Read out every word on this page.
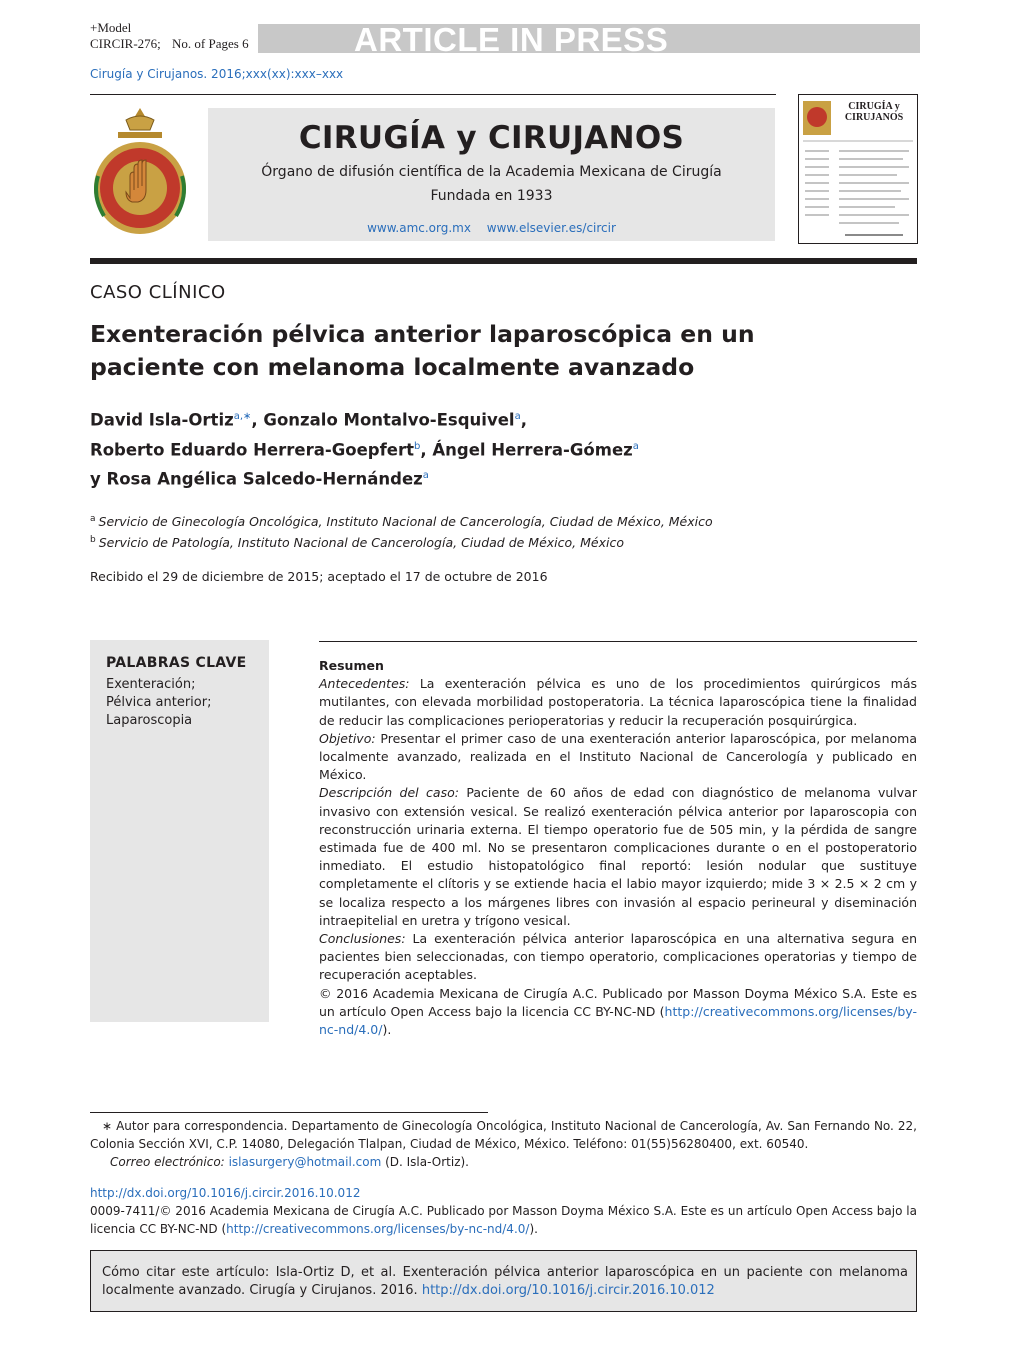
+Model
CIRCIR-276; No. of Pages 6	ARTICLE IN PRESS
Cirugía y Cirujanos. 2016;xxx(xx):xxx–xxx
CIRUGÍA y CIRUJANOS
Órgano de difusión científica de la Academia Mexicana de Cirugía
Fundada en 1933
www.amc.org.mx www.elsevier.es/circir
CIRUGÍA y CIRUJANOS
CASO CLÍNICO
Exenteración pélvica anterior laparoscópica en un paciente con melanoma localmente avanzado
David Isla-Ortiz$^{a,∗}$, Gonzalo Montalvo-Esquivel$^a$,
Roberto Eduardo Herrera-Goepfert$^b$, Ángel Herrera-Gómez$^a$
y Rosa Angélica Salcedo-Hernández$^a$
$^a$ Servicio de Ginecología Oncológica, Instituto Nacional de Cancerología, Ciudad de México, México
$^b$ Servicio de Patología, Instituto Nacional de Cancerología, Ciudad de México, México
Recibido el 29 de diciembre de 2015; aceptado el 17 de octubre de 2016
PALABRAS CLAVE
Exenteración;
Pélvica anterior;
Laparoscopia
Resumen

Antecedentes: La exenteración pélvica es uno de los procedimientos quirúrgicos más mutilantes, con elevada morbilidad postoperatoria. La técnica laparoscópica tiene la finalidad de reducir las complicaciones perioperatorias y reducir la recuperación posquirúrgica.

Objetivo: Presentar el primer caso de una exenteración anterior laparoscópica, por melanoma localmente avanzado, realizada en el Instituto Nacional de Cancerología y publicado en México.

Descripción del caso: Paciente de 60 años de edad con diagnóstico de melanoma vulvar invasivo con extensión vesical. Se realizó exenteración pélvica anterior por laparoscopia con reconstrucción urinaria externa. El tiempo operatorio fue de 505 min, y la pérdida de sangre estimada fue de 400 ml. No se presentaron complicaciones durante o en el postoperatorio inmediato. El estudio histopatológico final reportó: lesión nodular que sustituye completamente el clítoris y se extiende hacia el labio mayor izquierdo; mide 3 × 2.5 × 2 cm y se localiza respecto a los márgenes libres con invasión al espacio perineural y diseminación intraepitelial en uretra y trígono vesical.

Conclusiones: La exenteración pélvica anterior laparoscópica en una alternativa segura en pacientes bien seleccionadas, con tiempo operatorio, complicaciones operatorias y tiempo de recuperación aceptables.

© 2016 Academia Mexicana de Cirugía A.C. Publicado por Masson Doyma México S.A. Este es un artículo Open Access bajo la licencia CC BY-NC-ND (http://creativecommons.org/licenses/by-nc-nd/4.0/).

∗ Autor para correspondencia. Departamento de Ginecología Oncológica, Instituto Nacional de Cancerología, Av. San Fernando No. 22, Colonia Sección XVI, C.P. 14080, Delegación Tlalpan, Ciudad de México, México. Teléfono: 01(55)56280400, ext. 60540.
Correo electrónico: islasurgery@hotmail.com (D. Isla-Ortiz).
http://dx.doi.org/10.1016/j.circir.2016.10.012
0009-7411/© 2016 Academia Mexicana de Cirugía A.C. Publicado por Masson Doyma México S.A. Este es un artículo Open Access bajo la licencia CC BY-NC-ND (http://creativecommons.org/licenses/by-nc-nd/4.0/).
Cómo citar este artículo: Isla-Ortiz D, et al. Exenteración pélvica anterior laparoscópica en un paciente con melanoma localmente avanzado. Cirugía y Cirujanos. 2016. http://dx.doi.org/10.1016/j.circir.2016.10.012
